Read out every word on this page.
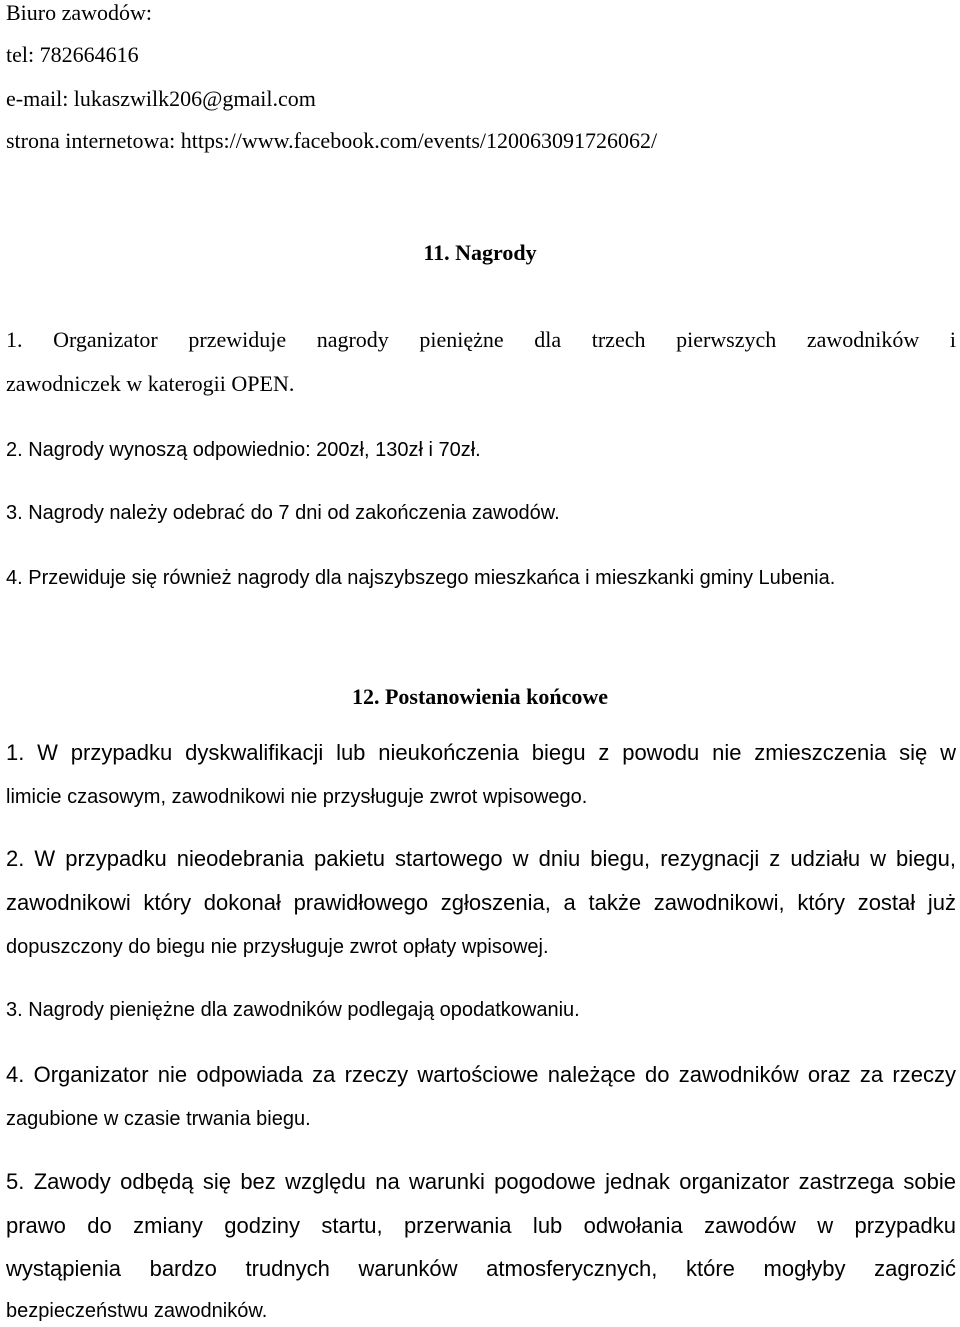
Biuro zawodów:
tel: 782664616
e-mail: lukaszwilk206@gmail.com
strona internetowa: https://www.facebook.com/events/120063091726062/
11. Nagrody
1. Organizator przewiduje nagrody pieniężne dla trzech pierwszych zawodników i
zawodniczek w katerogii OPEN.
2. Nagrody wynoszą odpowiednio: 200zł, 130zł i 70zł.
3. Nagrody należy odebrać do 7 dni od zakończenia zawodów.
4. Przewiduje się również nagrody dla najszybszego mieszkańca i mieszkanki gminy Lubenia.
12. Postanowienia końcowe
1. W przypadku dyskwalifikacji lub nieukończenia biegu z powodu nie zmieszczenia się w
limicie czasowym, zawodnikowi nie przysługuje zwrot wpisowego.
2. W przypadku nieodebrania pakietu startowego w dniu biegu, rezygnacji z udziału w biegu,
zawodnikowi który dokonał prawidłowego zgłoszenia, a także zawodnikowi, który został już
dopuszczony do biegu nie przysługuje zwrot opłaty wpisowej.
3. Nagrody pieniężne dla zawodników podlegają opodatkowaniu.
4. Organizator nie odpowiada za rzeczy wartościowe należące do zawodników oraz za rzeczy
zagubione w czasie trwania biegu.
5. Zawody odbędą się bez względu na warunki pogodowe jednak organizator zastrzega sobie
prawo do zmiany godziny startu, przerwania lub odwołania zawodów w przypadku
wystąpienia bardzo trudnych warunków atmosferycznych, które mogłyby zagrozić
bezpieczeństwu zawodników.
